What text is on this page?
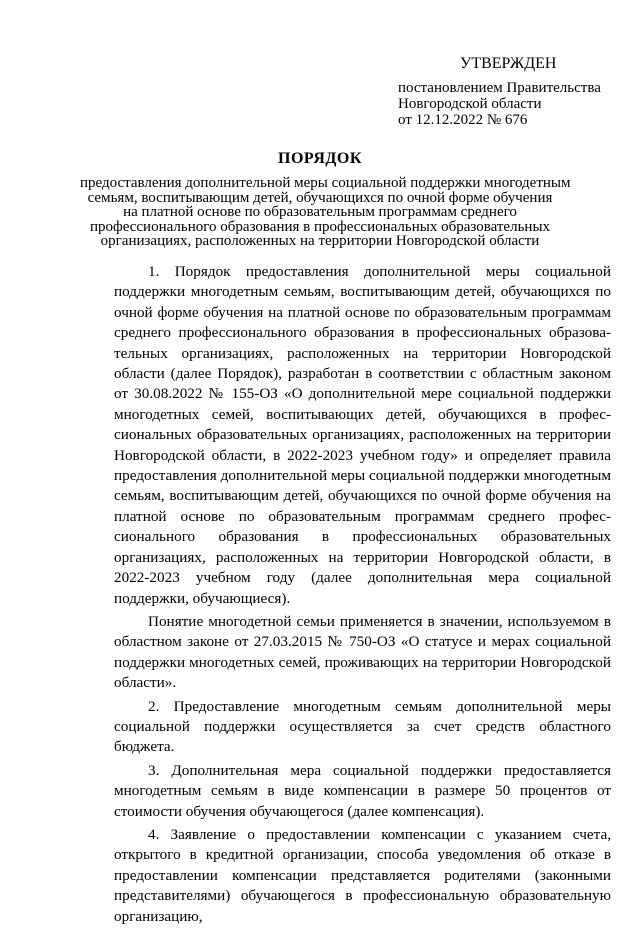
УТВЕРЖДЕН
постановлением Правительства
Новгородской области
от 12.12.2022 № 676
ПОРЯДОК
предоставления дополнительной меры социальной поддержки многодетным
семьям, воспитывающим детей, обучающихся по очной форме обучения
на платной основе по образовательным программам среднего
профессионального образования в профессиональных образовательных
организациях, расположенных на территории Новгородской области

1. Порядок предоставления дополнительной меры социальной поддержки многодетным семьям, воспитывающим детей, обучающихся по очной форме обучения на платной основе по образовательным программам среднего профессионального образования в профессиональных образовательных организациях, расположенных на территории Новгородской области (далее Порядок), разработан в соответствии с областным законом от 30.08.2022 № 155-ОЗ «О дополнительной мере социальной поддержки многодетных семей, воспитывающих детей, обучающихся в профессиональных образовательных организациях, расположенных на территории Новгородской области, в 2022-2023 учебном году» и определяет правила предоставления дополнительной меры социальной поддержки многодетным семьям, воспитывающим детей, обучающихся по очной форме обучения на платной основе по образовательным программам среднего профессионального образования в профессиональных образовательных организациях, расположенных на территории Новгородской области, в 2022-2023 учебном году (далее дополнительная мера социальной поддержки, обучающиеся).

Понятие многодетной семьи применяется в значении, используемом в областном законе от 27.03.2015 № 750-ОЗ «О статусе и мерах социальной поддержки многодетных семей, проживающих на территории Новгородской области».

2. Предоставление многодетным семьям дополнительной меры социальной поддержки осуществляется за счет средств областного бюджета.

3. Дополнительная мера социальной поддержки предоставляется многодетным семьям в виде компенсации в размере 50 процентов от стоимости обучения обучающегося (далее компенсация).

4. Заявление о предоставлении компенсации с указанием счета, открытого в кредитной организации, способа уведомления об отказе в предоставлении компенсации представляется родителями (законными представителями) обучающегося в профессиональную образовательную организацию,
